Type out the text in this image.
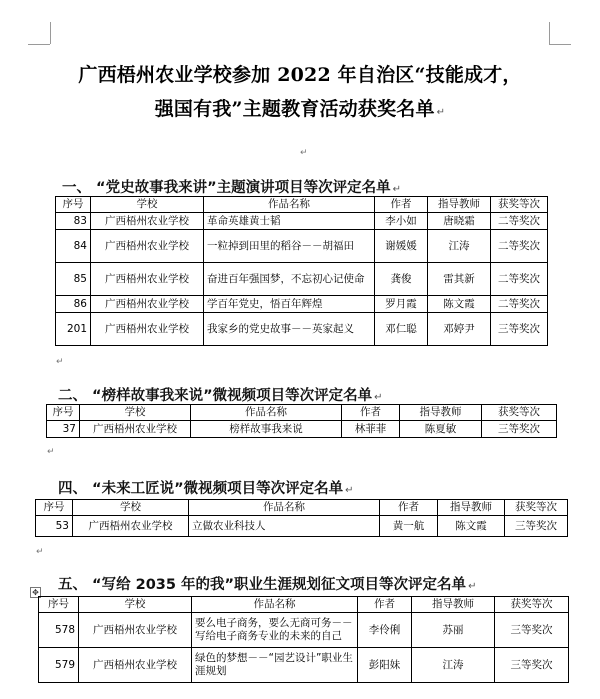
广西梧州农业学校参加 2022 年自治区“技能成才，
强国有我”主题教育活动获奖名单 ↵
↵
一、 “党史故事我来讲”主题演讲项目等次评定名单 ↵
序号	学校	作品名称	作者	指导教师	获奖等次
83	广西梧州农业学校	革命英雄黄士韬	李小如	唐晓霜	二等奖次
84	广西梧州农业学校	一粒掉到田里的稻谷－－胡福田	谢媛媛	江涛	二等奖次
85	广西梧州农业学校	奋进百年强国梦，不忘初心记使命	龚俊	雷其新	二等奖次
86	广西梧州农业学校	学百年党史，悟百年辉煌	罗月霞	陈文霞	二等奖次
201	广西梧州农业学校	我家乡的党史故事－－英家起义	邓仁聪	邓婷尹	三等奖次
↵
二、 “榜样故事我来说”微视频项目等次评定名单 ↵
序号	学校	作品名称	作者	指导教师	获奖等次
37	广西梧州农业学校	榜样故事我来说	林菲菲	陈夏敏	三等奖次
↵
四、 “未来工匠说”微视频项目等次评定名单 ↵
序号	学校	作品名称	作者	指导教师	获奖等次
53	广西梧州农业学校	立做农业科技人	黄一航	陈文霞	三等奖次
↵
五、 “写给 2035 年的我”职业生涯规划征文项目等次评定名单 ↵
✥
序号	学校	作品名称	作者	指导教师	获奖等次
578	广西梧州农业学校	要么电子商务，要么无商可务－－写给电子商务专业的未来的自己	李伶俐	苏丽	三等奖次
579	广西梧州农业学校	绿色的梦想－－“园艺设计”职业生涯规划	彭阳妹	江涛	三等奖次
